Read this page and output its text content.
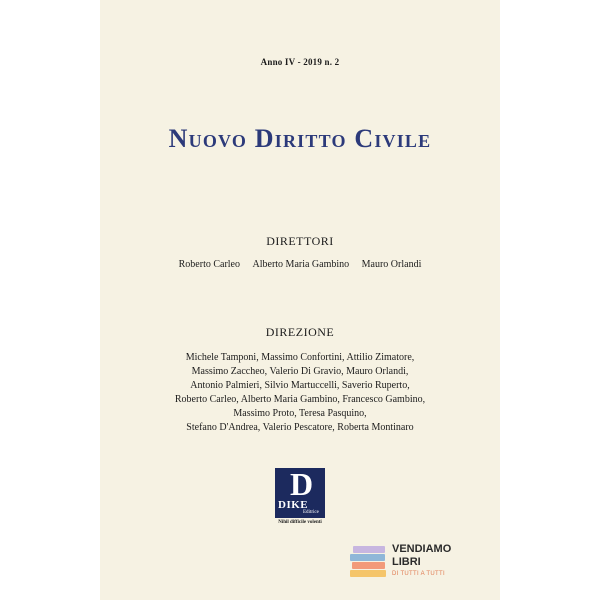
Anno IV - 2019 n. 2
Nuovo Diritto Civile
DIRETTORI
Roberto Carleo Alberto Maria Gambino Mauro Orlandi
DIREZIONE
Michele Tamponi, Massimo Confortini, Attilio Zimatore,
Massimo Zaccheo, Valerio Di Gravio, Mauro Orlandi,
Antonio Palmieri, Silvio Martuccelli, Saverio Ruperto,
Roberto Carleo, Alberto Maria Gambino, Francesco Gambino,
Massimo Proto, Teresa Pasquino,
Stefano D'Andrea, Valerio Pescatore, Roberta Montinaro
D
DIKE
Editrice
Nihil difficile volenti
VENDIAMO
LIBRI
DI TUTTI A TUTTI
